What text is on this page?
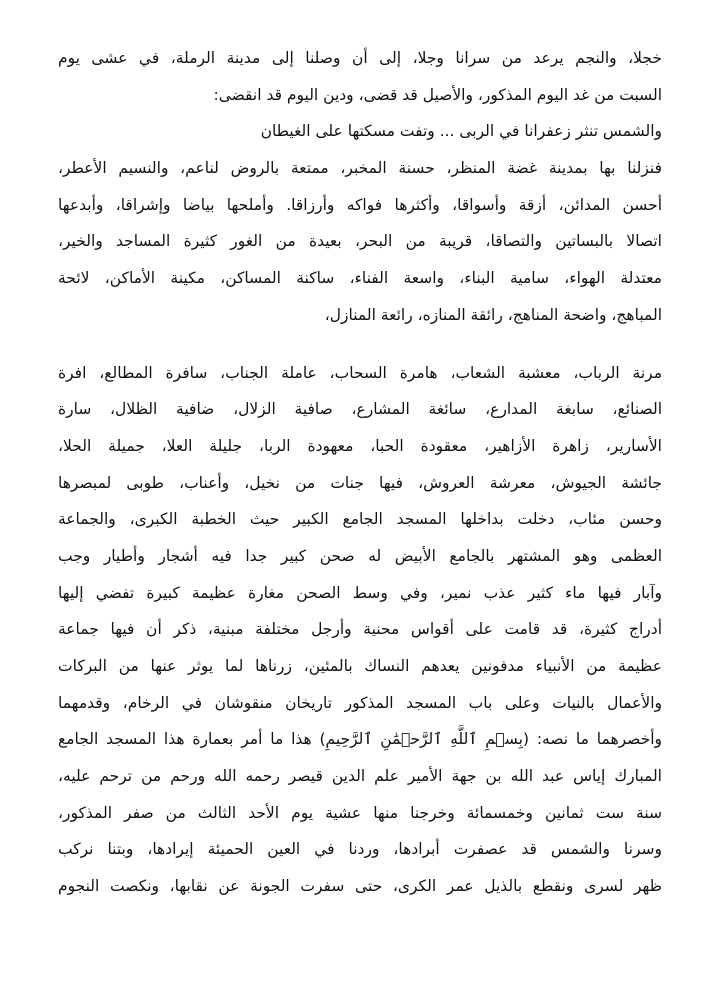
خجلا، والنجم يرعد من سرانا وجلا، إلى أن وصلنا إلى مدينة الرملة، في عشى يوم
السبت من غد اليوم المذكور، والأصيل قد قضى، ودين اليوم قد انقضى:
والشمس تنثر زعفرانا في الربى ... وتفت مسكتها على الغيطان
فنزلنا بها بمدينة غضة المنظر، حسنة المخبر، ممتعة بالروض لناعم، والنسيم الأعطر،
أحسن المدائن، أزقة وأسواقا، وأكثرها فواكه وأرزاقا. وأملحها بياضا وإشراقا، وأبدعها
اتصالا بالبساتين والتصاقا، قريبة من البحر، بعيدة من الغور كثيرة المساجد والخير،
معتدلة الهواء، سامية البناء، واسعة الفناء، ساكنة المساكن، مكينة الأماكن، لائحة
المباهج، واضحة المناهج، رائقة المنازه، رائعة المنازل،
مرنة الرباب، معشبة الشعاب، هامرة السحاب، عاملة الجناب، سافرة المطالع، افرة
الصنائع، سابغة المدارع، سائغة المشارع، صافية الزلال، ضافية الظلال، سارة
الأسارير، زاهرة الأزاهير، معقودة الحبا، معهودة الربا، جليلة العلا، جميلة الحلا،
جائشة الجيوش، معرشة العروش، فيها جنات من نخيل، وأعناب، طوبى لمبصرها
وحسن مئاب، دخلت بداخلها المسجد الجامع الكبير حيث الخطبة الكبرى، والجماعة
العظمى وهو المشتهر بالجامع الأبيض له صحن كبير جدا فيه أشجار وأطيار وجب
وآبار فيها ماء كثير عذب نمير، وفي وسط الصحن مغارة عظيمة كبيرة تفضي إليها
أدراج كثيرة، قد قامت على أقواس محنية وأرجل مختلفة مبنية، ذكر أن فيها جماعة
عظيمة من الأنبياء مدفونين يعدهم النساك بالمئين، زرناها لما يوثر عنها من البركات
والأعمال بالنيات وعلى باب المسجد المذكور تاريخان منقوشان في الرخام، وقدمهما
وأخصرهما ما نصه: (بِسۡمِ ٱللَّهِ ٱلرَّحۡمَٰنِ ٱلرَّحِيمِ) هذا ما أمر بعمارة هذا المسجد الجامع
المبارك إياس عبد الله بن جهة الأمير علم الدين قيصر رحمه الله ورحم من ترحم عليه،
سنة ست ثمانين وخمسمائة وخرجنا منها عشية يوم الأحد الثالث من صفر المذكور،
وسرنا والشمس قد عصفرت أبرادها، وردنا في العين الحميئة إيرادها، وبتنا نركب
ظهر لسرى ونقطع بالذيل عمر الكرى، حتى سفرت الجونة عن نقابها، ونكصت النجوم
